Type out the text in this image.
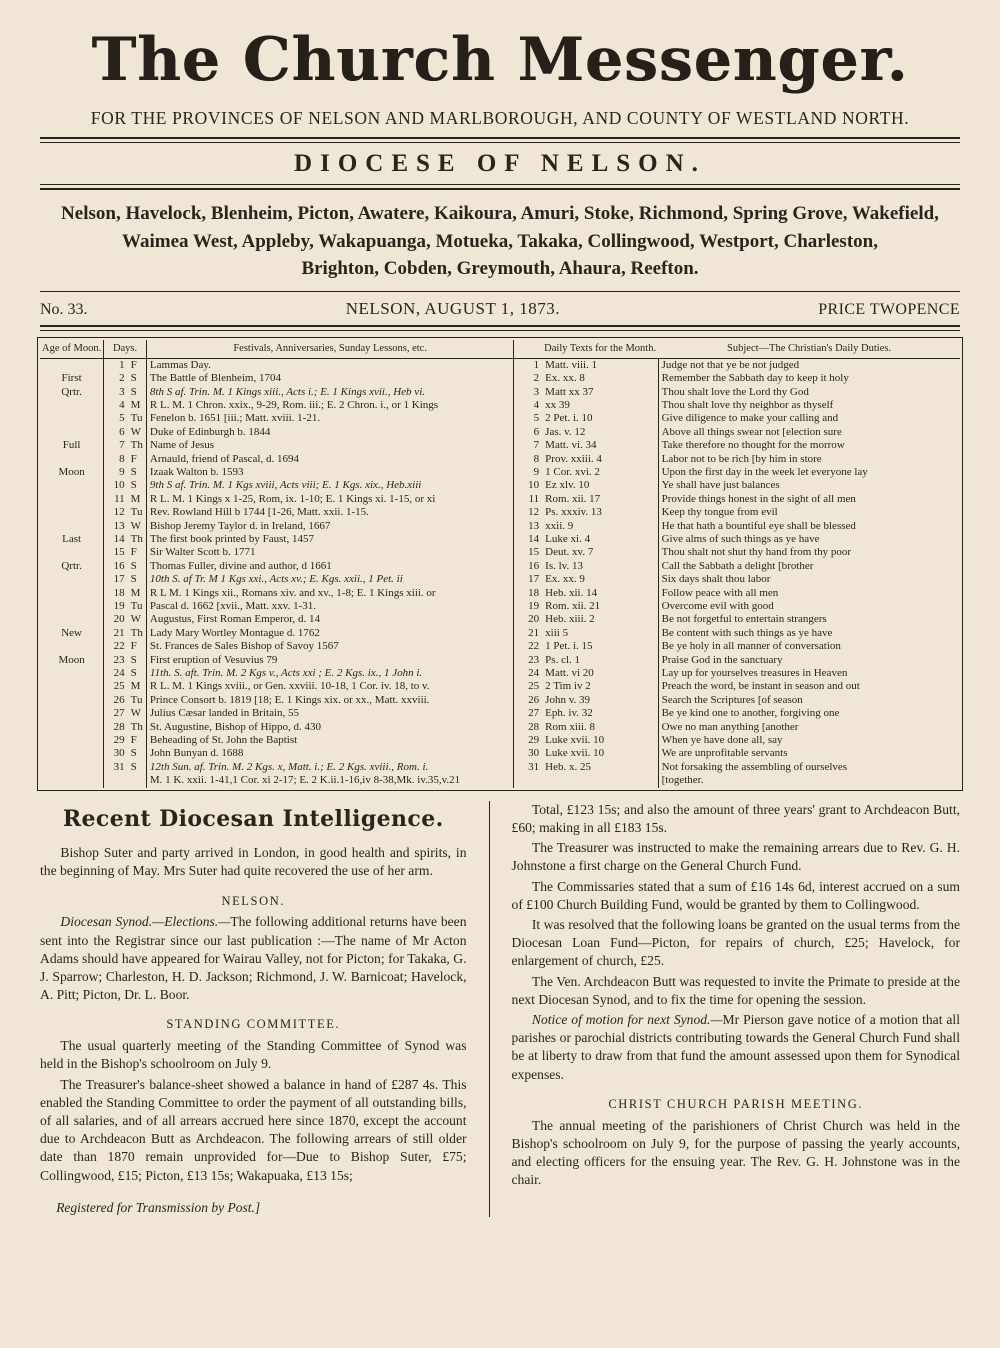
The Church Messenger.
FOR THE PROVINCES OF NELSON AND MARLBOROUGH, AND COUNTY OF WESTLAND NORTH.
DIOCESE OF NELSON.
Nelson, Havelock, Blenheim, Picton, Awatere, Kaikoura, Amuri, Stoke, Richmond, Spring Grove, Wakefield,
Waimea West, Appleby, Wakapuanga, Motueka, Takaka, Collingwood, Westport, Charleston,
Brighton, Cobden, Greymouth, Ahaura, Reefton.
No. 33.	NELSON, AUGUST 1, 1873.	PRICE TWOPENCE
Age of Moon.	Days.		Festivals, Anniversaries, Sunday Lessons, etc.		Daily Texts for the Month.	Subject—The Christian's Daily Duties.
	1	F	Lammas Day.	1	Matt. viii. 1	Judge not that ye be not judged
First	2	S	The Battle of Blenheim, 1704	2	Ex. xx. 8	Remember the Sabbath day to keep it holy
Qrtr.	3	S	8th S af. Trin. M. 1 Kings xiii., Acts i.; E. 1 Kings xvii., Heb vi.	3	Matt xx 37	Thou shalt love the Lord thy God
	4	M	R L. M. 1 Chron. xxix., 9-29, Rom. iii.; E. 2 Chron. i., or 1 Kings	4	xx 39	Thou shalt love thy neighbor as thyself
	5	Tu	Fenelon b. 1651 [iii.; Matt. xviii. 1-21.	5	2 Pet. i. 10	Give diligence to make your calling and
	6	W	Duke of Edinburgh b. 1844	6	Jas. v. 12	Above all things swear not [election sure
Full	7	Th	Name of Jesus	7	Matt. vi. 34	Take therefore no thought for the morrow
	8	F	Arnauld, friend of Pascal, d. 1694	8	Prov. xxiii. 4	Labor not to be rich [by him in store
Moon	9	S	Izaak Walton b. 1593	9	1 Cor. xvi. 2	Upon the first day in the week let everyone lay
	10	S	9th S af. Trin. M. 1 Kgs xviii, Acts viii; E. 1 Kgs. xix., Heb.xiii	10	Ez xlv. 10	Ye shall have just balances
	11	M	R L. M. 1 Kings x 1-25, Rom, ix. 1-10; E. 1 Kings xi. 1-15, or xi	11	Rom. xii. 17	Provide things honest in the sight of all men
	12	Tu	Rev. Rowland Hill b 1744 [1-26, Matt. xxii. 1-15.	12	Ps. xxxiv. 13	Keep thy tongue from evil
	13	W	Bishop Jeremy Taylor d. in Ireland, 1667	13	xxii. 9	He that hath a bountiful eye shall be blessed
Last	14	Th	The first book printed by Faust, 1457	14	Luke xi. 4	Give alms of such things as ye have
	15	F	Sir Walter Scott b. 1771	15	Deut. xv. 7	Thou shalt not shut thy hand from thy poor
Qrtr.	16	S	Thomas Fuller, divine and author, d 1661	16	Is. lv. 13	Call the Sabbath a delight [brother
	17	S	10th S. af Tr. M 1 Kgs xxi., Acts xv.; E. Kgs. xxii., 1 Pet. ii	17	Ex. xx. 9	Six days shalt thou labor
	18	M	R L M. 1 Kings xii., Romans xiv. and xv., 1-8; E. 1 Kings xiii. or	18	Heb. xii. 14	Follow peace with all men
	19	Tu	Pascal d. 1662 [xvii., Matt. xxv. 1-31.	19	Rom. xii. 21	Overcome evil with good
	20	W	Augustus, First Roman Emperor, d. 14	20	Heb. xiii. 2	Be not forgetful to entertain strangers
New	21	Th	Lady Mary Wortley Montague d. 1762	21	xiii 5	Be content with such things as ye have
	22	F	St. Frances de Sales Bishop of Savoy 1567	22	1 Pet. i. 15	Be ye holy in all manner of conversation
Moon	23	S	First eruption of Vesuvius 79	23	Ps. cl. 1	Praise God in the sanctuary
	24	S	11th. S. aft. Trin. M. 2 Kgs v., Acts xxi ; E. 2 Kgs. ix., 1 John i.	24	Matt. vi 20	Lay up for yourselves treasures in Heaven
	25	M	R L. M. 1 Kings xviii., or Gen. xxviii. 10-18, 1 Cor. iv. 18, to v.	25	2 Tim iv 2	Preach the word, be instant in season and out
	26	Tu	Prince Consort b. 1819 [18; E. 1 Kings xix. or xx., Matt. xxviii.	26	John v. 39	Search the Scriptures [of season
	27	W	Julius Cæsar landed in Britain, 55	27	Eph. iv. 32	Be ye kind one to another, forgiving one
	28	Th	St. Augustine, Bishop of Hippo, d. 430	28	Rom xiii. 8	Owe no man anything [another
	29	F	Beheading of St. John the Baptist	29	Luke xvii. 10	When ye have done all, say
	30	S	John Bunyan d. 1688	30	Luke xvii. 10	We are unprofitable servants
	31	S	12th Sun. af. Trin. M. 2 Kgs. x, Matt. i.; E. 2 Kgs. xviii., Rom. i.	31	Heb. x. 25	Not forsaking the assembling of ourselves
			M. 1 K. xxii. 1-41,1 Cor. xi 2-17; E. 2 K.ii.1-16,iv 8-38,Mk. iv.35,v.21			[together.
Recent Diocesan Intelligence.

Bishop Suter and party arrived in London, in good health and spirits, in the beginning of May. Mrs Suter had quite recovered the use of her arm.

NELSON.

Diocesan Synod.—Elections.—The following additional returns have been sent into the Registrar since our last publication :—The name of Mr Acton Adams should have appeared for Wairau Valley, not for Picton; for Takaka, G. J. Sparrow; Charleston, H. D. Jackson; Richmond, J. W. Barnicoat; Havelock, A. Pitt; Picton, Dr. L. Boor.

STANDING COMMITTEE.

The usual quarterly meeting of the Standing Committee of Synod was held in the Bishop's schoolroom on July 9.

The Treasurer's balance-sheet showed a balance in hand of £287 4s. This enabled the Standing Committee to order the payment of all outstanding bills, of all salaries, and of all arrears accrued here since 1870, except the account due to Archdeacon Butt as Archdeacon. The following arrears of still older date than 1870 remain unprovided for—Due to Bishop Suter, £75; Collingwood, £15; Picton, £13 15s; Wakapuaka, £13 15s;

Registered for Transmission by Post.]

Total, £123 15s; and also the amount of three years' grant to Archdeacon Butt, £60; making in all £183 15s.

The Treasurer was instructed to make the remaining arrears due to Rev. G. H. Johnstone a first charge on the General Church Fund.

The Commissaries stated that a sum of £16 14s 6d, interest accrued on a sum of £100 Church Building Fund, would be granted by them to Collingwood.

It was resolved that the following loans be granted on the usual terms from the Diocesan Loan Fund—Picton, for repairs of church, £25; Havelock, for enlargement of church, £25.

The Ven. Archdeacon Butt was requested to invite the Primate to preside at the next Diocesan Synod, and to fix the time for opening the session.

Notice of motion for next Synod.—Mr Pierson gave notice of a motion that all parishes or parochial districts contributing towards the General Church Fund shall be at liberty to draw from that fund the amount assessed upon them for Synodical expenses.

CHRIST CHURCH PARISH MEETING.

The annual meeting of the parishioners of Christ Church was held in the Bishop's schoolroom on July 9, for the purpose of passing the yearly accounts, and electing officers for the ensuing year. The Rev. G. H. Johnstone was in the chair.
